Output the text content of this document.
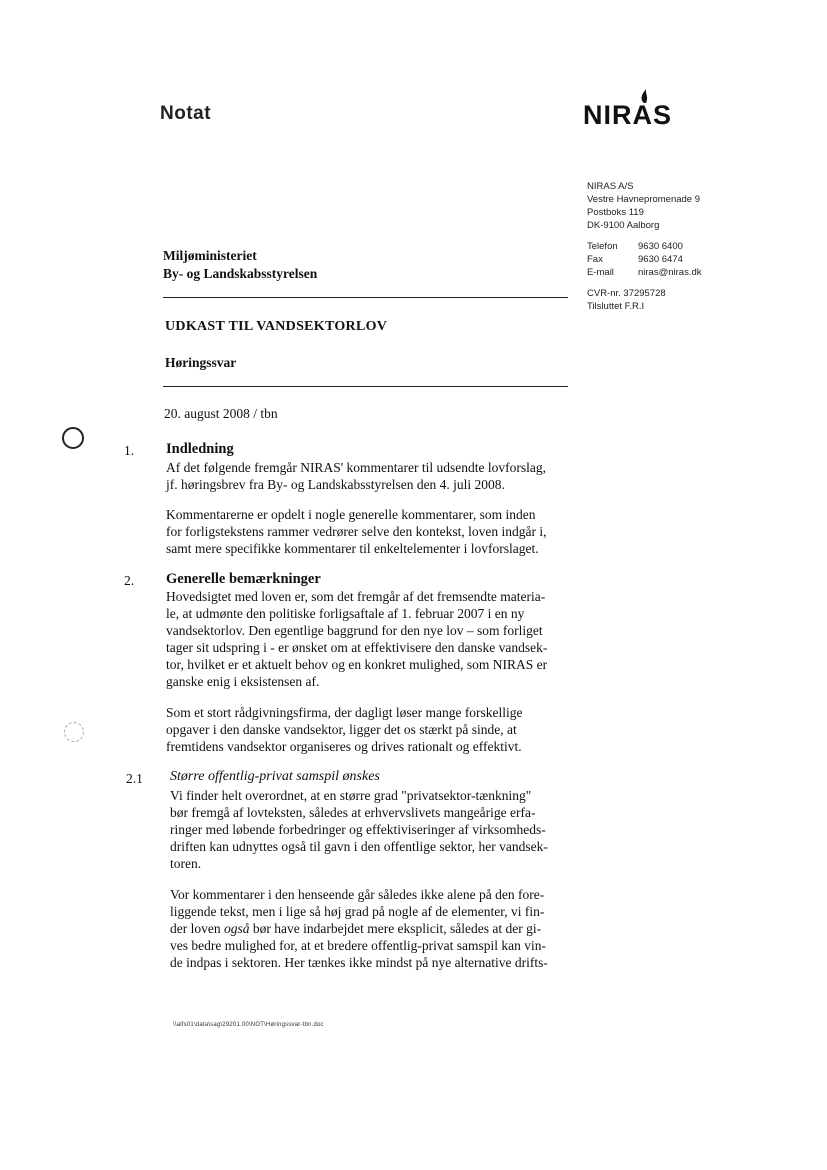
Notat	NIRAS
NIRAS A/S
Vestre Havnepromenade 9
Postboks 119
DK-9100 Aalborg
Telefon	9630 6400
Fax	9630 6474
E-mail	niras@niras.dk
CVR-nr. 37295728
Tilsluttet F.R.I
Miljøministeriet
By- og Landskabsstyrelsen
UDKAST TIL VANDSEKTORLOV
Høringssvar
20. august 2008 / tbn
1. Indledning

Af det følgende fremgår NIRAS' kommentarer til udsendte lovforslag,

jf. høringsbrev fra By- og Landskabsstyrelsen den 4. juli 2008.

Kommentarerne er opdelt i nogle generelle kommentarer, som inden

for forligstekstens rammer vedrører selve den kontekst, loven indgår i,

samt mere specifikke kommentarer til enkeltelementer i lovforslaget.

2. Generelle bemærkninger

Hovedsigtet med loven er, som det fremgår af det fremsendte materia-

le, at udmønte den politiske forligsaftale af 1. februar 2007 i en ny

vandsektorlov. Den egentlige baggrund for den nye lov – som forliget

tager sit udspring i - er ønsket om at effektivisere den danske vandsek-

tor, hvilket er et aktuelt behov og en konkret mulighed, som NIRAS er

ganske enig i eksistensen af.

Som et stort rådgivningsfirma, der dagligt løser mange forskellige

opgaver i den danske vandsektor, ligger det os stærkt på sinde, at

fremtidens vandsektor organiseres og drives rationalt og effektivt.

2.1 Større offentlig-privat samspil ønskes

Vi finder helt overordnet, at en større grad "privatsektor-tænkning"

bør fremgå af lovteksten, således at erhvervslivets mangeårige erfa-

ringer med løbende forbedringer og effektiviseringer af virksomheds-

driften kan udnyttes også til gavn i den offentlige sektor, her vandsek-

toren.

Vor kommentarer i den henseende går således ikke alene på den fore-

liggende tekst, men i lige så høj grad på nogle af de elementer, vi fin-

der loven også bør have indarbejdet mere eksplicit, således at der gi-

ves bedre mulighed for, at et bredere offentlig-privat samspil kan vin-

de indpas i sektoren. Her tænkes ikke mindst på nye alternative drifts-

\\alfs01\data\sag\29201.00\NOT\Høringssvar-tbn.doc
